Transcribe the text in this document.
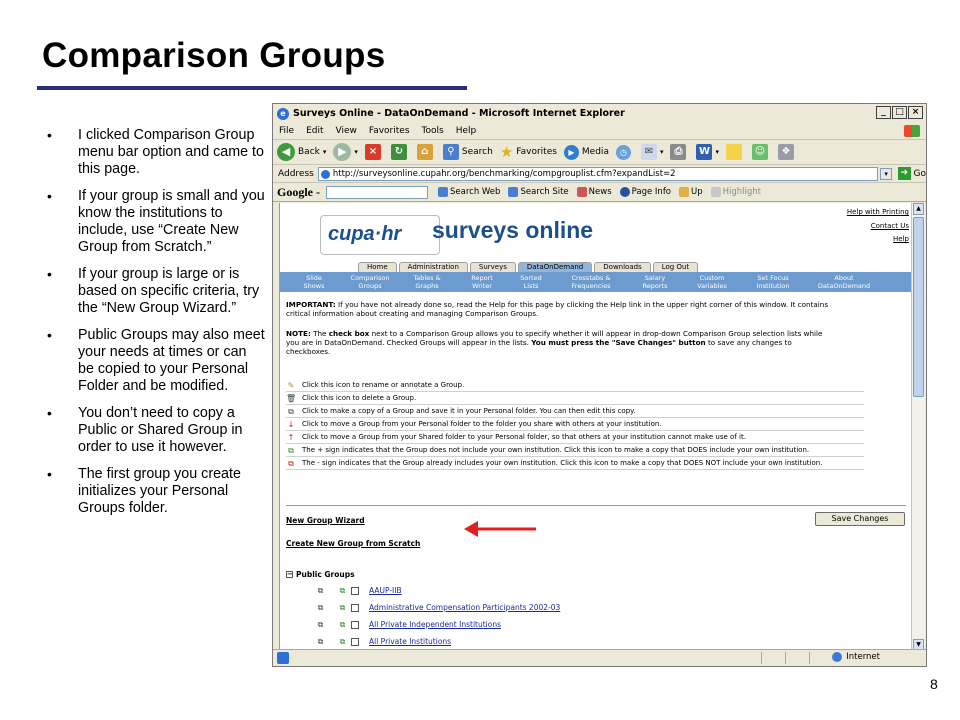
Comparison Groups
• I clicked Comparison Group menu bar option and came to this page.
• If your group is small and you know the institutions to include, use “Create New Group from Scratch.”
• If your group is large or is based on specific criteria, try the “New Group Wizard.”
• Public Groups may also meet your needs at times or can be copied to your Personal Folder and be modified.
• You don’t need to copy a Public or Shared Group in order to use it however.
• The first group you create initializes your Personal Groups folder.
8
e Surveys Online - DataOnDemand - Microsoft Internet Explorer	_	□ ×
File Edit View Favorites Tools Help
◀ Back ▾	▶	▾	×	↻	⌂	⚲ Search ★ Favorites	▶ Media	◷	✉ ▾	⎙	W ▾	☺	❖
Address	http://surveysonline.cupahr.org/benchmarking/compgrouplist.cfm?expandList=2	▾	➜ Go
Google -	Search Web Search Site News Page Info Up Highlight
cupa·hr surveys online
Help with Printing
Contact Us
Help
Home	Administration	Surveys	DataOnDemand	Downloads	Log Out
Slide
Shows
Comparison
Groups
Tables &
Graphs
Report
Writer
Sorted
Lists
Crosstabs &
Frequencies
Salary
Reports
Custom
Variables
Set Focus
Institution
About
DataOnDemand
IMPORTANT: If you have not already done so, read the Help for this page by clicking the Help link in the upper right corner of this window. It contains critical information about creating and managing Comparison Groups.
NOTE: The check box next to a Comparison Group allows you to specify whether it will appear in drop-down Comparison Group selection lists while you are in DataOnDemand. Checked Groups will appear in the lists. You must press the "Save Changes" button to save any changes to checkboxes.
✎ Click this icon to rename or annotate a Group.
🗑 Click this icon to delete a Group.
⧉	Click to make a copy of a Group and save it in your Personal folder. You can then edit this copy.
↓ Click to move a Group from your Personal folder to the folder you share with others at your institution.
↑ Click to move a Group from your Shared folder to your Personal folder, so that others at your institution cannot make use of it.
⧉	The + sign indicates that the Group does not include your own institution. Click this icon to make a copy that DOES include your own institution.
⧉	The - sign indicates that the Group already includes your own institution. Click this icon to make a copy that DOES NOT include your own institution.
New Group Wizard	Save Changes
Create New Group from Scratch
− Public Groups
⧉ ⧉	AAUP-IIB
⧉ ⧉	Administrative Compensation Participants 2002-03
⧉ ⧉	All Private Independent Institutions
⧉ ⧉	All Private Institutions
▲
▼
Internet
